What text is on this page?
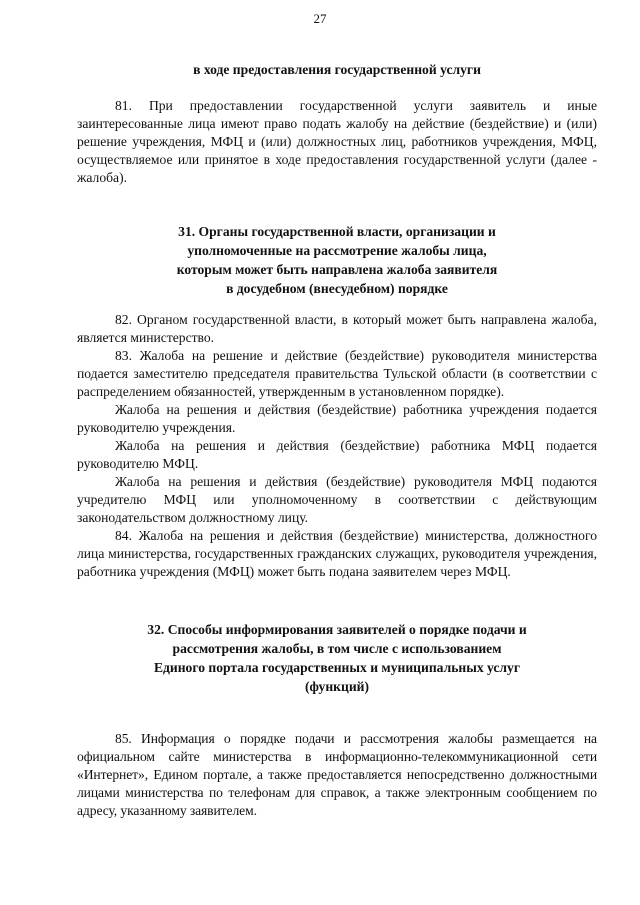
27
в ходе предоставления государственной услуги

81. При предоставлении государственной услуги заявитель и иные заинтересованные лица имеют право подать жалобу на действие (бездействие) и (или) решение учреждения, МФЦ и (или) должностных лиц, работников учреждения, МФЦ, осуществляемое или принятое в ходе предоставления государственной услуги (далее - жалоба).

31. Органы государственной власти, организации и
уполномоченные на рассмотрение жалобы лица,
которым может быть направлена жалоба заявителя
в досудебном (внесудебном) порядке

82. Органом государственной власти, в который может быть направлена жалоба, является министерство.

83. Жалоба на решение и действие (бездействие) руководителя министерства подается заместителю председателя правительства Тульской области (в соответствии с распределением обязанностей, утвержденным в установленном порядке).

Жалоба на решения и действия (бездействие) работника учреждения подается руководителю учреждения.

Жалоба на решения и действия (бездействие) работника МФЦ подается руководителю МФЦ.

Жалоба на решения и действия (бездействие) руководителя МФЦ подаются учредителю МФЦ или уполномоченному в соответствии с действующим законодательством должностному лицу.

84. Жалоба на решения и действия (бездействие) министерства, должностного лица министерства, государственных гражданских служащих, руководителя учреждения, работника учреждения (МФЦ) может быть подана заявителем через МФЦ.

32. Способы информирования заявителей о порядке подачи и
рассмотрения жалобы, в том числе с использованием
Единого портала государственных и муниципальных услуг
(функций)

85. Информация о порядке подачи и рассмотрения жалобы размещается на официальном сайте министерства в информационно-телекоммуникационной сети «Интернет», Едином портале, а также предоставляется непосредственно должностными лицами министерства по телефонам для справок, а также электронным сообщением по адресу, указанному заявителем.
